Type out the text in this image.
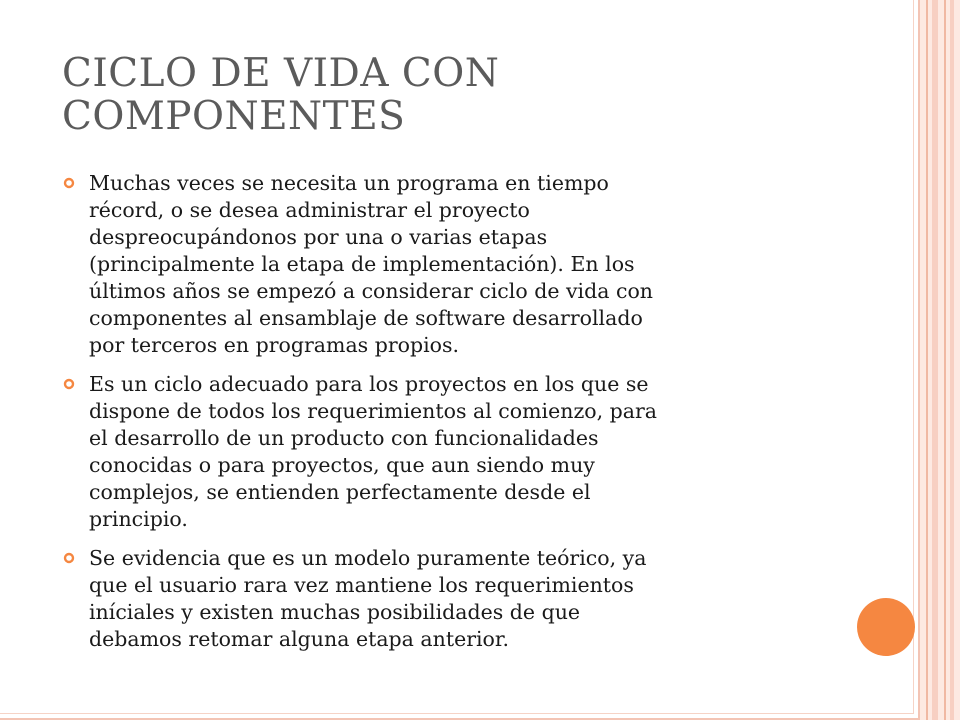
CICLO DE VIDA CON
COMPONENTES
Muchas veces se necesita un programa en tiempo
récord, o se desea administrar el proyecto
despreocupándonos por una o varias etapas
(principalmente la etapa de implementación). En los
últimos años se empezó a considerar ciclo de vida con
componentes al ensamblaje de software desarrollado
por terceros en programas propios.
Es un ciclo adecuado para los proyectos en los que se
dispone de todos los requerimientos al comienzo, para
el desarrollo de un producto con funcionalidades
conocidas o para proyectos, que aun siendo muy
complejos, se entienden perfectamente desde el
principio.
Se evidencia que es un modelo puramente teórico, ya
que el usuario rara vez mantiene los requerimientos
iníciales y existen muchas posibilidades de que
debamos retomar alguna etapa anterior.
